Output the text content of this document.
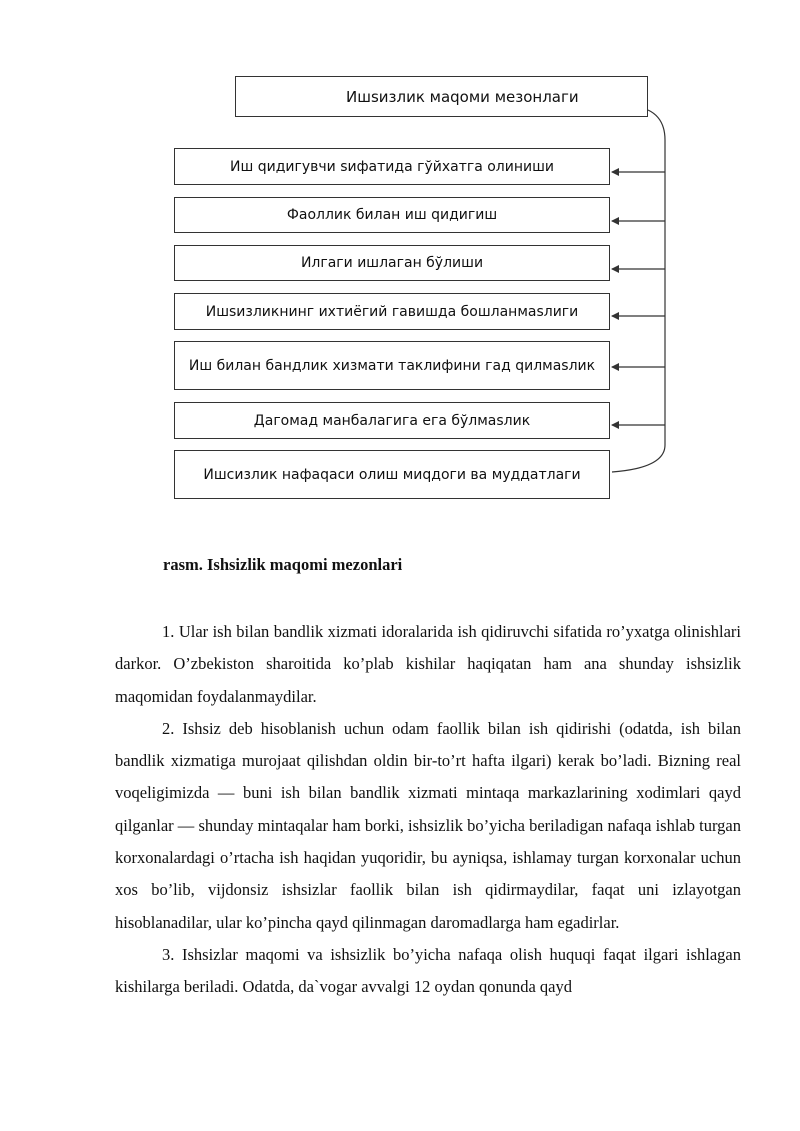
Ишsизлик маqоми мезонлаги
Иш qидигувчи sифатида гўйхатга олиниши
Фаоллик билан иш qидигиш
Илгаги ишлаган бўлиши
Ишsизликнинг ихтиёгий гавишда бошланмаsлиги
Иш билан бандлик хизмати таклифини гад qилмаsлик
Дагомад манбалагига ега бўлмаsлик
Ишсизлик нафаqаси олиш миqдоги ва муддатлаги
rasm. Ishsizlik maqomi mezonlari

1. Ular ish bilan bandlik xizmati idoralarida ish qidiruvchi sifatida ro’yxatga olinishlari darkor. O’zbekiston sharoitida ko’plab kishilar haqiqatan ham ana shunday ishsizlik maqomidan foydalanmaydilar.

2. Ishsiz deb hisoblanish uchun odam faollik bilan ish qidirishi (odatda, ish bilan bandlik xizmatiga murojaat qilishdan oldin bir-to’rt hafta ilgari) kerak bo’ladi. Bizning real voqeligimizda — buni ish bilan bandlik xizmati mintaqa markazlarining xodimlari qayd qilganlar — shunday mintaqalar ham borki, ishsizlik bo’yicha beriladigan nafaqa ishlab turgan korxonalardagi o’rtacha ish haqidan yuqoridir, bu ayniqsa, ishlamay turgan korxonalar uchun xos bo’lib, vijdonsiz ishsizlar faollik bilan ish qidirmaydilar, faqat uni izlayotgan hisoblanadilar, ular ko’pincha qayd qilinmagan daromadlarga ham egadirlar.

3. Ishsizlar maqomi va ishsizlik bo’yicha nafaqa olish huquqi faqat ilgari ishlagan kishilarga beriladi. Odatda, da`vogar avvalgi 12 oydan qonunda qayd
